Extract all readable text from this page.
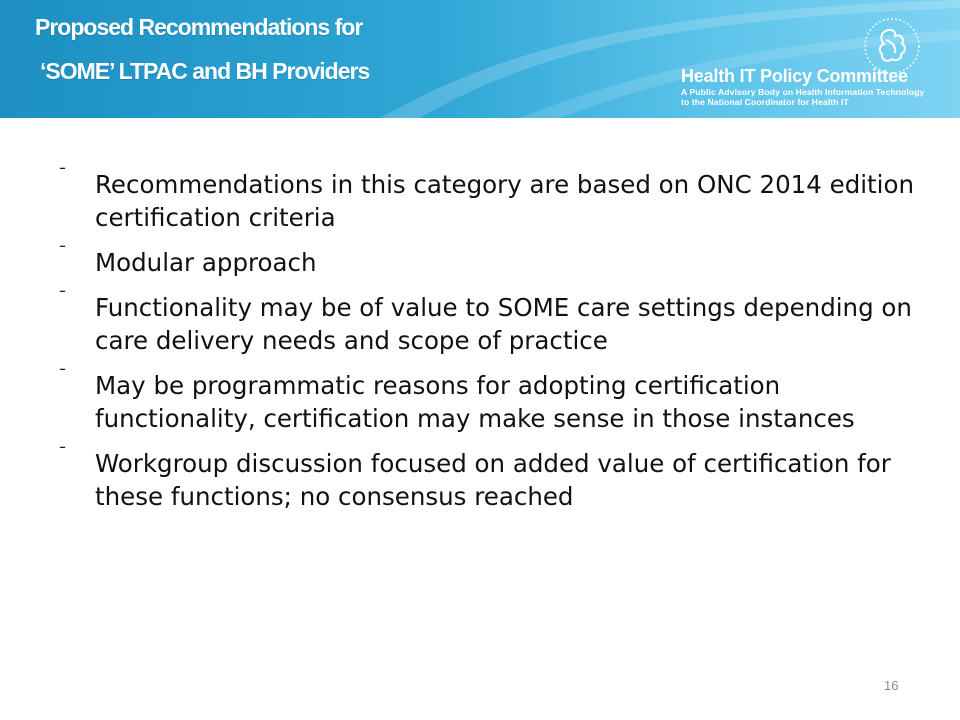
Proposed Recommendations for
‘SOME’ LTPAC and BH Providers	Health IT Policy Committee
A Public Advisory Body on Health Information Technology
to the National Coordinator for Health IT
¯ Recommendations in this category are based on ONC 2014 edition certification criteria
¯ Modular approach
¯ Functionality may be of value to SOME care settings depending on care delivery needs and scope of practice
¯ May be programmatic reasons for adopting certification functionality, certification may make sense in those instances
¯ Workgroup discussion focused on added value of certification for these functions; no consensus reached
16
